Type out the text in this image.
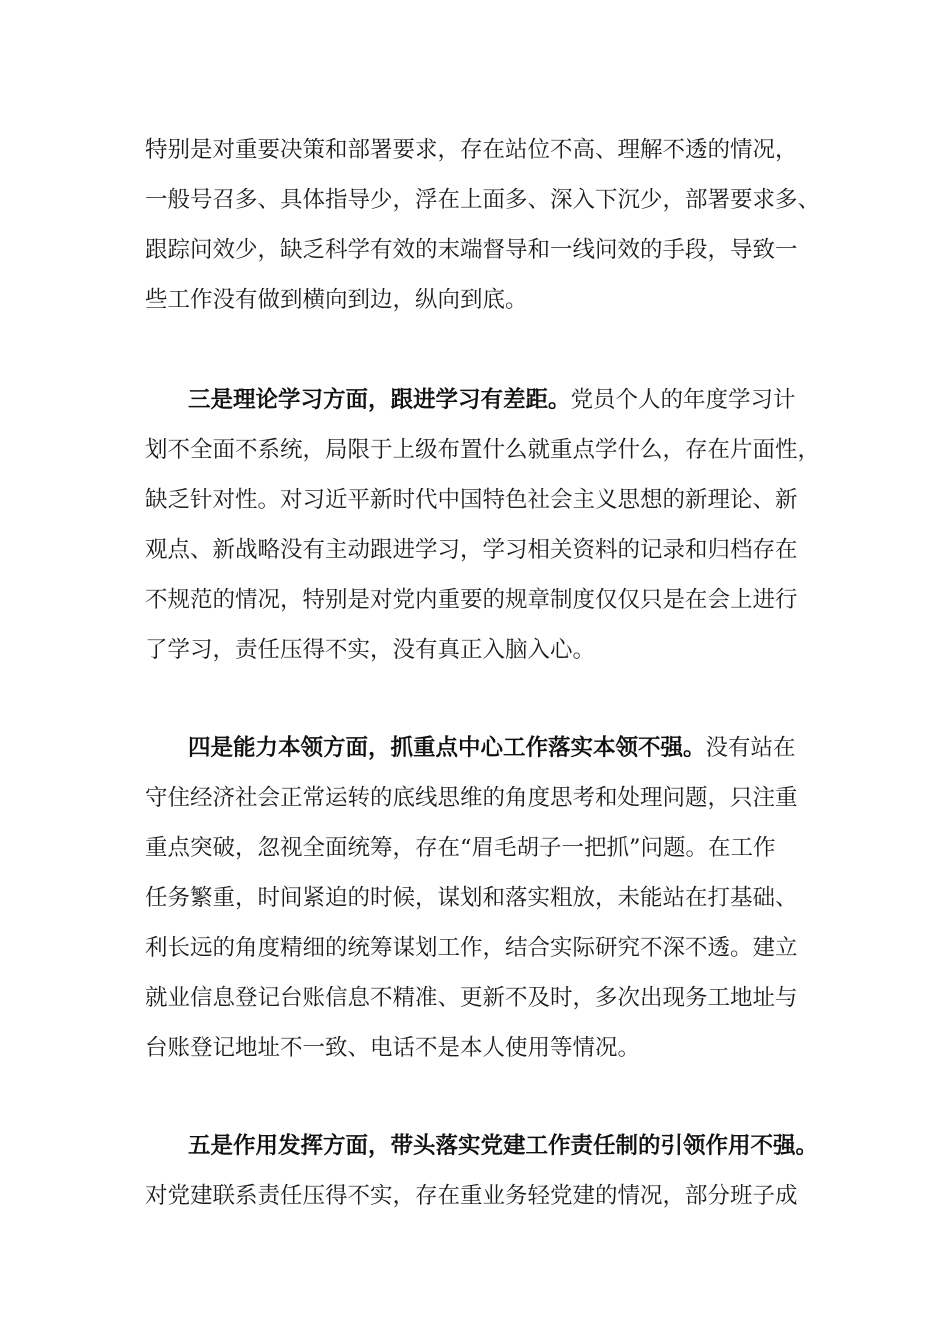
特别是对重要决策和部署要求，存在站位不高、理解不透的情况，

一般号召多、具体指导少，浮在上面多、深入下沉少，部署要求多、

跟踪问效少，缺乏科学有效的末端督导和一线问效的手段，导致一

些工作没有做到横向到边，纵向到底。

三是理论学习方面，跟进学习有差距。党员个人的年度学习计

划不全面不系统，局限于上级布置什么就重点学什么，存在片面性，

缺乏针对性。对习近平新时代中国特色社会主义思想的新理论、新

观点、新战略没有主动跟进学习，学习相关资料的记录和归档存在

不规范的情况，特别是对党内重要的规章制度仅仅只是在会上进行

了学习，责任压得不实，没有真正入脑入心。

四是能力本领方面，抓重点中心工作落实本领不强。没有站在

守住经济社会正常运转的底线思维的角度思考和处理问题，只注重

重点突破，忽视全面统筹，存在“眉毛胡子一把抓”问题。在工作

任务繁重，时间紧迫的时候，谋划和落实粗放，未能站在打基础、

利长远的角度精细的统筹谋划工作，结合实际研究不深不透。建立

就业信息登记台账信息不精准、更新不及时，多次出现务工地址与

台账登记地址不一致、电话不是本人使用等情况。

五是作用发挥方面，带头落实党建工作责任制的引领作用不强。

对党建联系责任压得不实，存在重业务轻党建的情况，部分班子成
